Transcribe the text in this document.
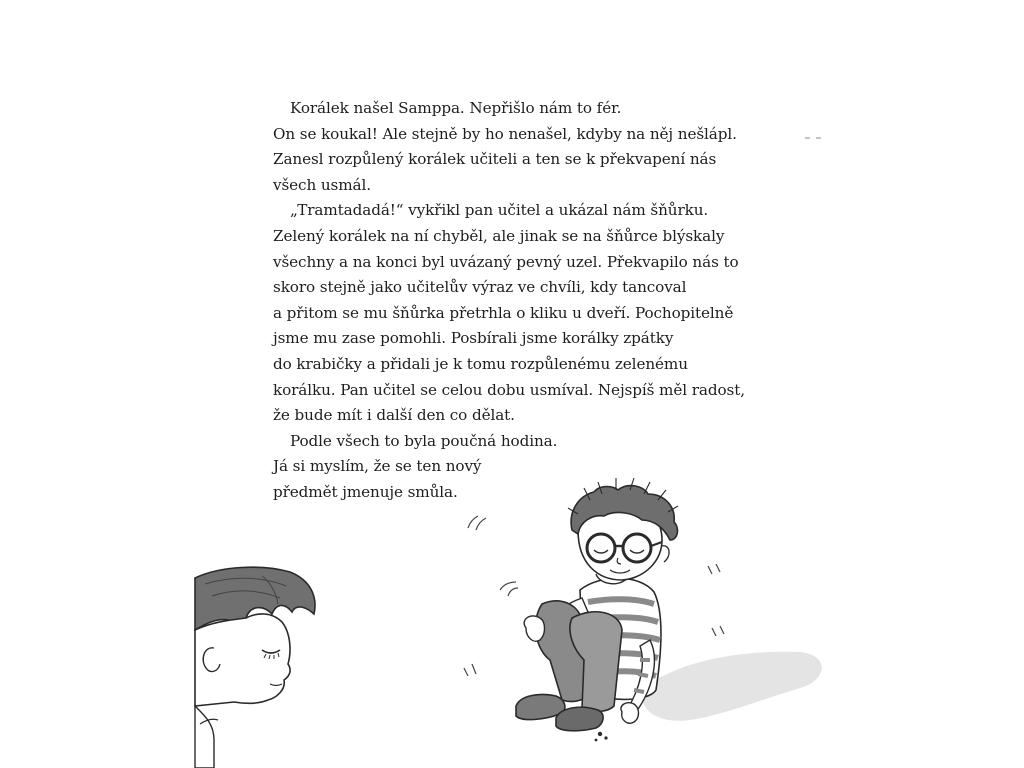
Korálek našel Samppa. Nepřišlo nám to fér.
On se koukal! Ale stejně by ho nenašel, kdyby na něj nešlápl.
Zanesl rozpůlený korálek učiteli a ten se k překvapení nás
všech usmál.
„Tramtadadá!“ vykřikl pan učitel a ukázal nám šňůrku.
Zelený korálek na ní chyběl, ale jinak se na šňůrce blýskaly
všechny a na konci byl uvázaný pevný uzel. Překvapilo nás to
skoro stejně jako učitelův výraz ve chvíli, kdy tancoval
a přitom se mu šňůrka přetrhla o kliku u dveří. Pochopitelně
jsme mu zase pomohli. Posbírali jsme korálky zpátky
do krabičky a přidali je k tomu rozpůlenému zelenému
korálku. Pan učitel se celou dobu usmíval. Nejspíš měl radost,
že bude mít i další den co dělat.
Podle všech to byla poučná hodina.
Já si myslím, že se ten nový
předmět jmenuje smůla.
